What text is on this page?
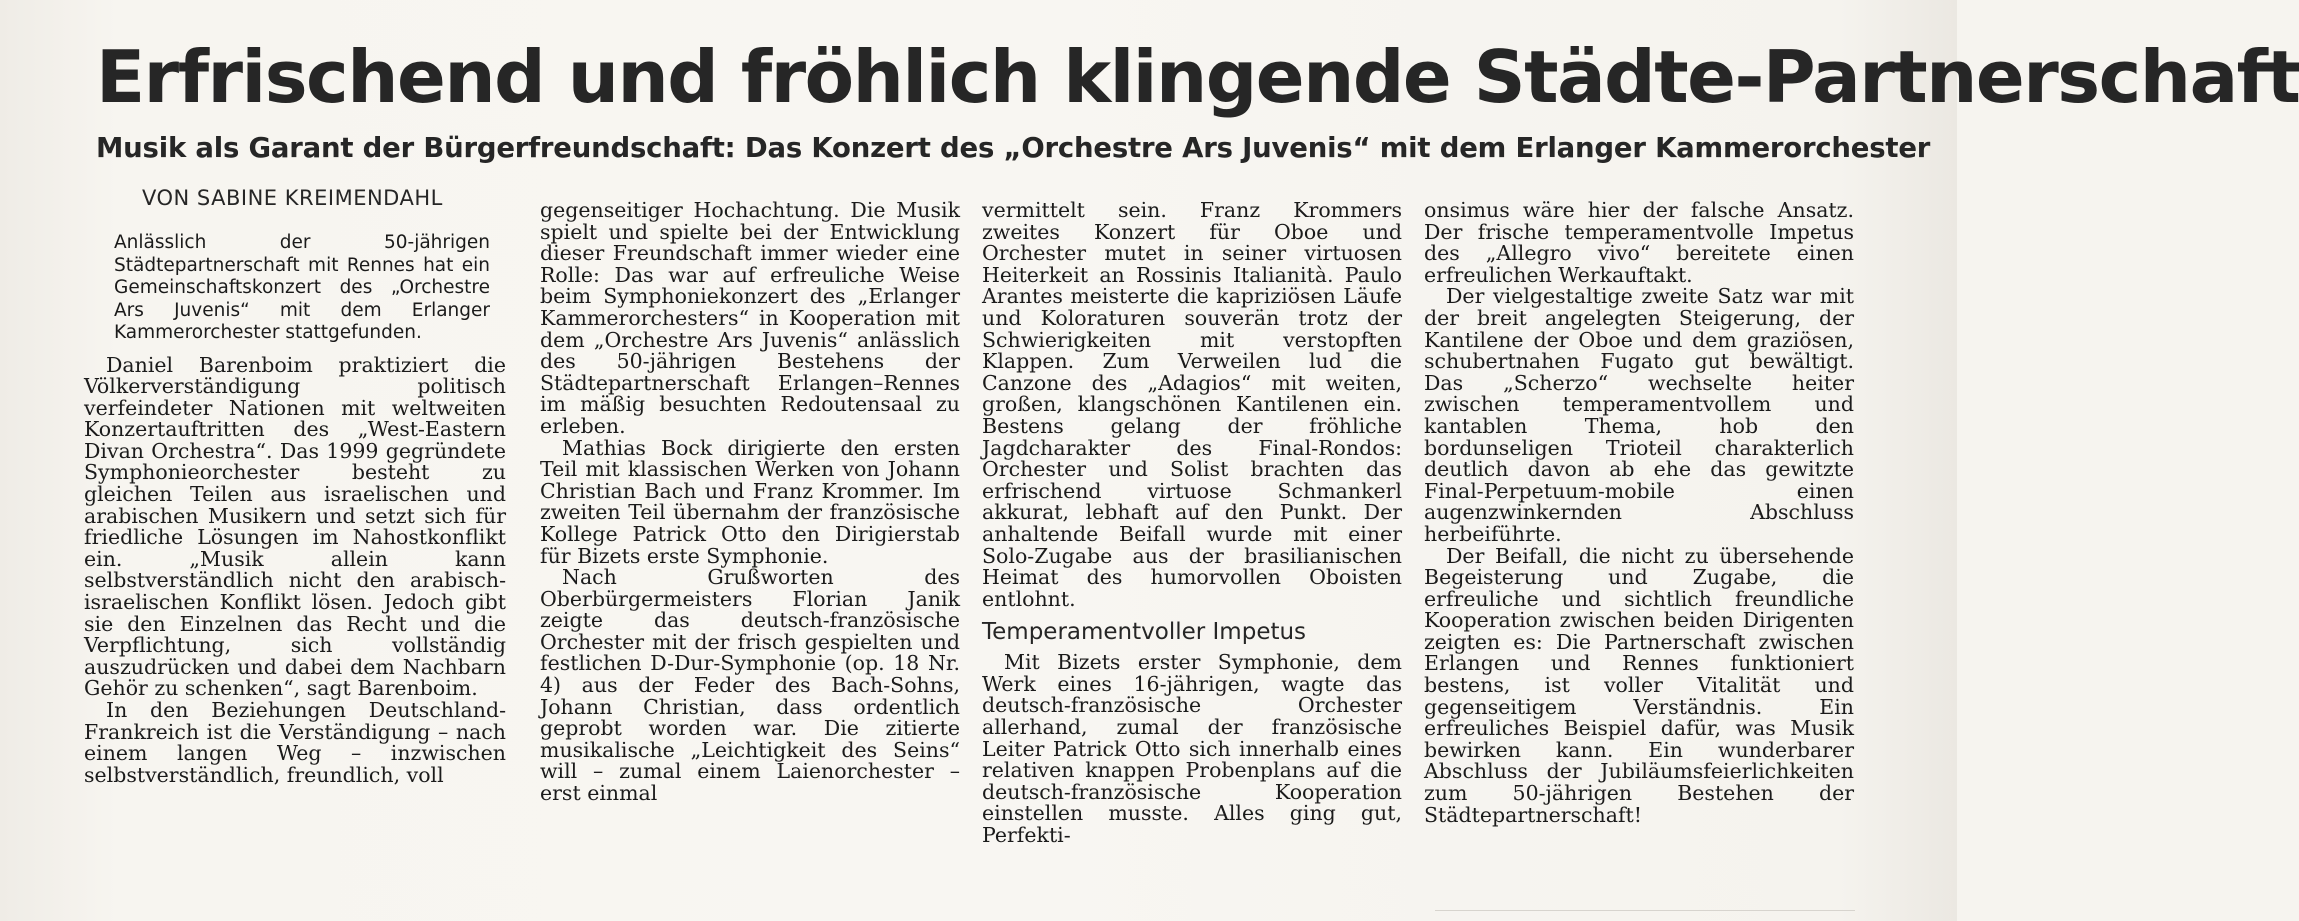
Erfrischend und fröhlich klingende Städte-Partnerschaft
Musik als Garant der Bürgerfreundschaft: Das Konzert des „Orchestre Ars Juvenis“ mit dem Erlanger Kammerorchester
VON SABINE KREIMENDAHL

Anlässlich der 50-jährigen Städtepartnerschaft mit Rennes hat ein Gemeinschaftskonzert des „Orchestre Ars Juvenis“ mit dem Erlanger Kammerorchester stattgefunden.

Daniel Barenboim praktiziert die Völkerverständigung politisch verfeindeter Nationen mit weltweiten Konzertauftritten des „West-Eastern Divan Orchestra“. Das 1999 gegründete Symphonieorchester besteht zu gleichen Teilen aus israelischen und arabischen Musikern und setzt sich für friedliche Lösungen im Nahostkonflikt ein. „Musik allein kann selbstverständlich nicht den arabisch-israelischen Konflikt lösen. Jedoch gibt sie den Einzelnen das Recht und die Verpflichtung, sich vollständig auszudrücken und dabei dem Nachbarn Gehör zu schenken“, sagt Barenboim.

In den Beziehungen Deutschland-Frankreich ist die Verständigung – nach einem langen Weg – inzwischen selbstverständlich, freundlich, voll

gegenseitiger Hochachtung. Die Musik spielt und spielte bei der Entwicklung dieser Freundschaft immer wieder eine Rolle: Das war auf erfreuliche Weise beim Symphoniekonzert des „Erlanger Kammerorchesters“ in Kooperation mit dem „Orchestre Ars Juvenis“ anlässlich des 50-jährigen Bestehens der Städtepartnerschaft Erlangen–Rennes im mäßig besuchten Redoutensaal zu erleben.

Mathias Bock dirigierte den ersten Teil mit klassischen Werken von Johann Christian Bach und Franz Krommer. Im zweiten Teil übernahm der französische Kollege Patrick Otto den Dirigierstab für Bizets erste Symphonie.

Nach Grußworten des Oberbürgermeisters Florian Janik zeigte das deutsch-französische Orchester mit der frisch gespielten und festlichen D-Dur-Symphonie (op. 18 Nr. 4) aus der Feder des Bach-Sohns, Johann Christian, dass ordentlich geprobt worden war. Die zitierte musikalische „Leichtigkeit des Seins“ will – zumal einem Laienorchester – erst einmal

vermittelt sein. Franz Krommers zweites Konzert für Oboe und Orchester mutet in seiner virtuosen Heiterkeit an Rossinis Italianità. Paulo Arantes meisterte die kapriziösen Läufe und Koloraturen souverän trotz der Schwierigkeiten mit verstopften Klappen. Zum Verweilen lud die Canzone des „Adagios“ mit weiten, großen, klangschönen Kantilenen ein. Bestens gelang der fröhliche Jagdcharakter des Final-Rondos: Orchester und Solist brachten das erfrischend virtuose Schmankerl akkurat, lebhaft auf den Punkt. Der anhaltende Beifall wurde mit einer Solo-Zugabe aus der brasilianischen Heimat des humorvollen Oboisten entlohnt.

Temperamentvoller Impetus

Mit Bizets erster Symphonie, dem Werk eines 16-jährigen, wagte das deutsch-französische Orchester allerhand, zumal der französische Leiter Patrick Otto sich innerhalb eines relativen knappen Probenplans auf die deutsch-französische Kooperation einstellen musste. Alles ging gut, Perfekti-

onsimus wäre hier der falsche Ansatz. Der frische temperamentvolle Impetus des „Allegro vivo“ bereitete einen erfreulichen Werkauftakt.

Der vielgestaltige zweite Satz war mit der breit angelegten Steigerung, der Kantilene der Oboe und dem graziösen, schubertnahen Fugato gut bewältigt. Das „Scherzo“ wechselte heiter zwischen temperamentvollem und kantablen Thema, hob den bordunseligen Trioteil charakterlich deutlich davon ab ehe das gewitzte Final-Perpetuum-mobile einen augenzwinkernden Abschluss herbeiführte.

Der Beifall, die nicht zu übersehende Begeisterung und Zugabe, die erfreuliche und sichtlich freundliche Kooperation zwischen beiden Dirigenten zeigten es: Die Partnerschaft zwischen Erlangen und Rennes funktioniert bestens, ist voller Vitalität und gegenseitigem Verständnis. Ein erfreuliches Beispiel dafür, was Musik bewirken kann. Ein wunderbarer Abschluss der Jubiläumsfeierlichkeiten zum 50-jährigen Bestehen der Städtepartnerschaft!
